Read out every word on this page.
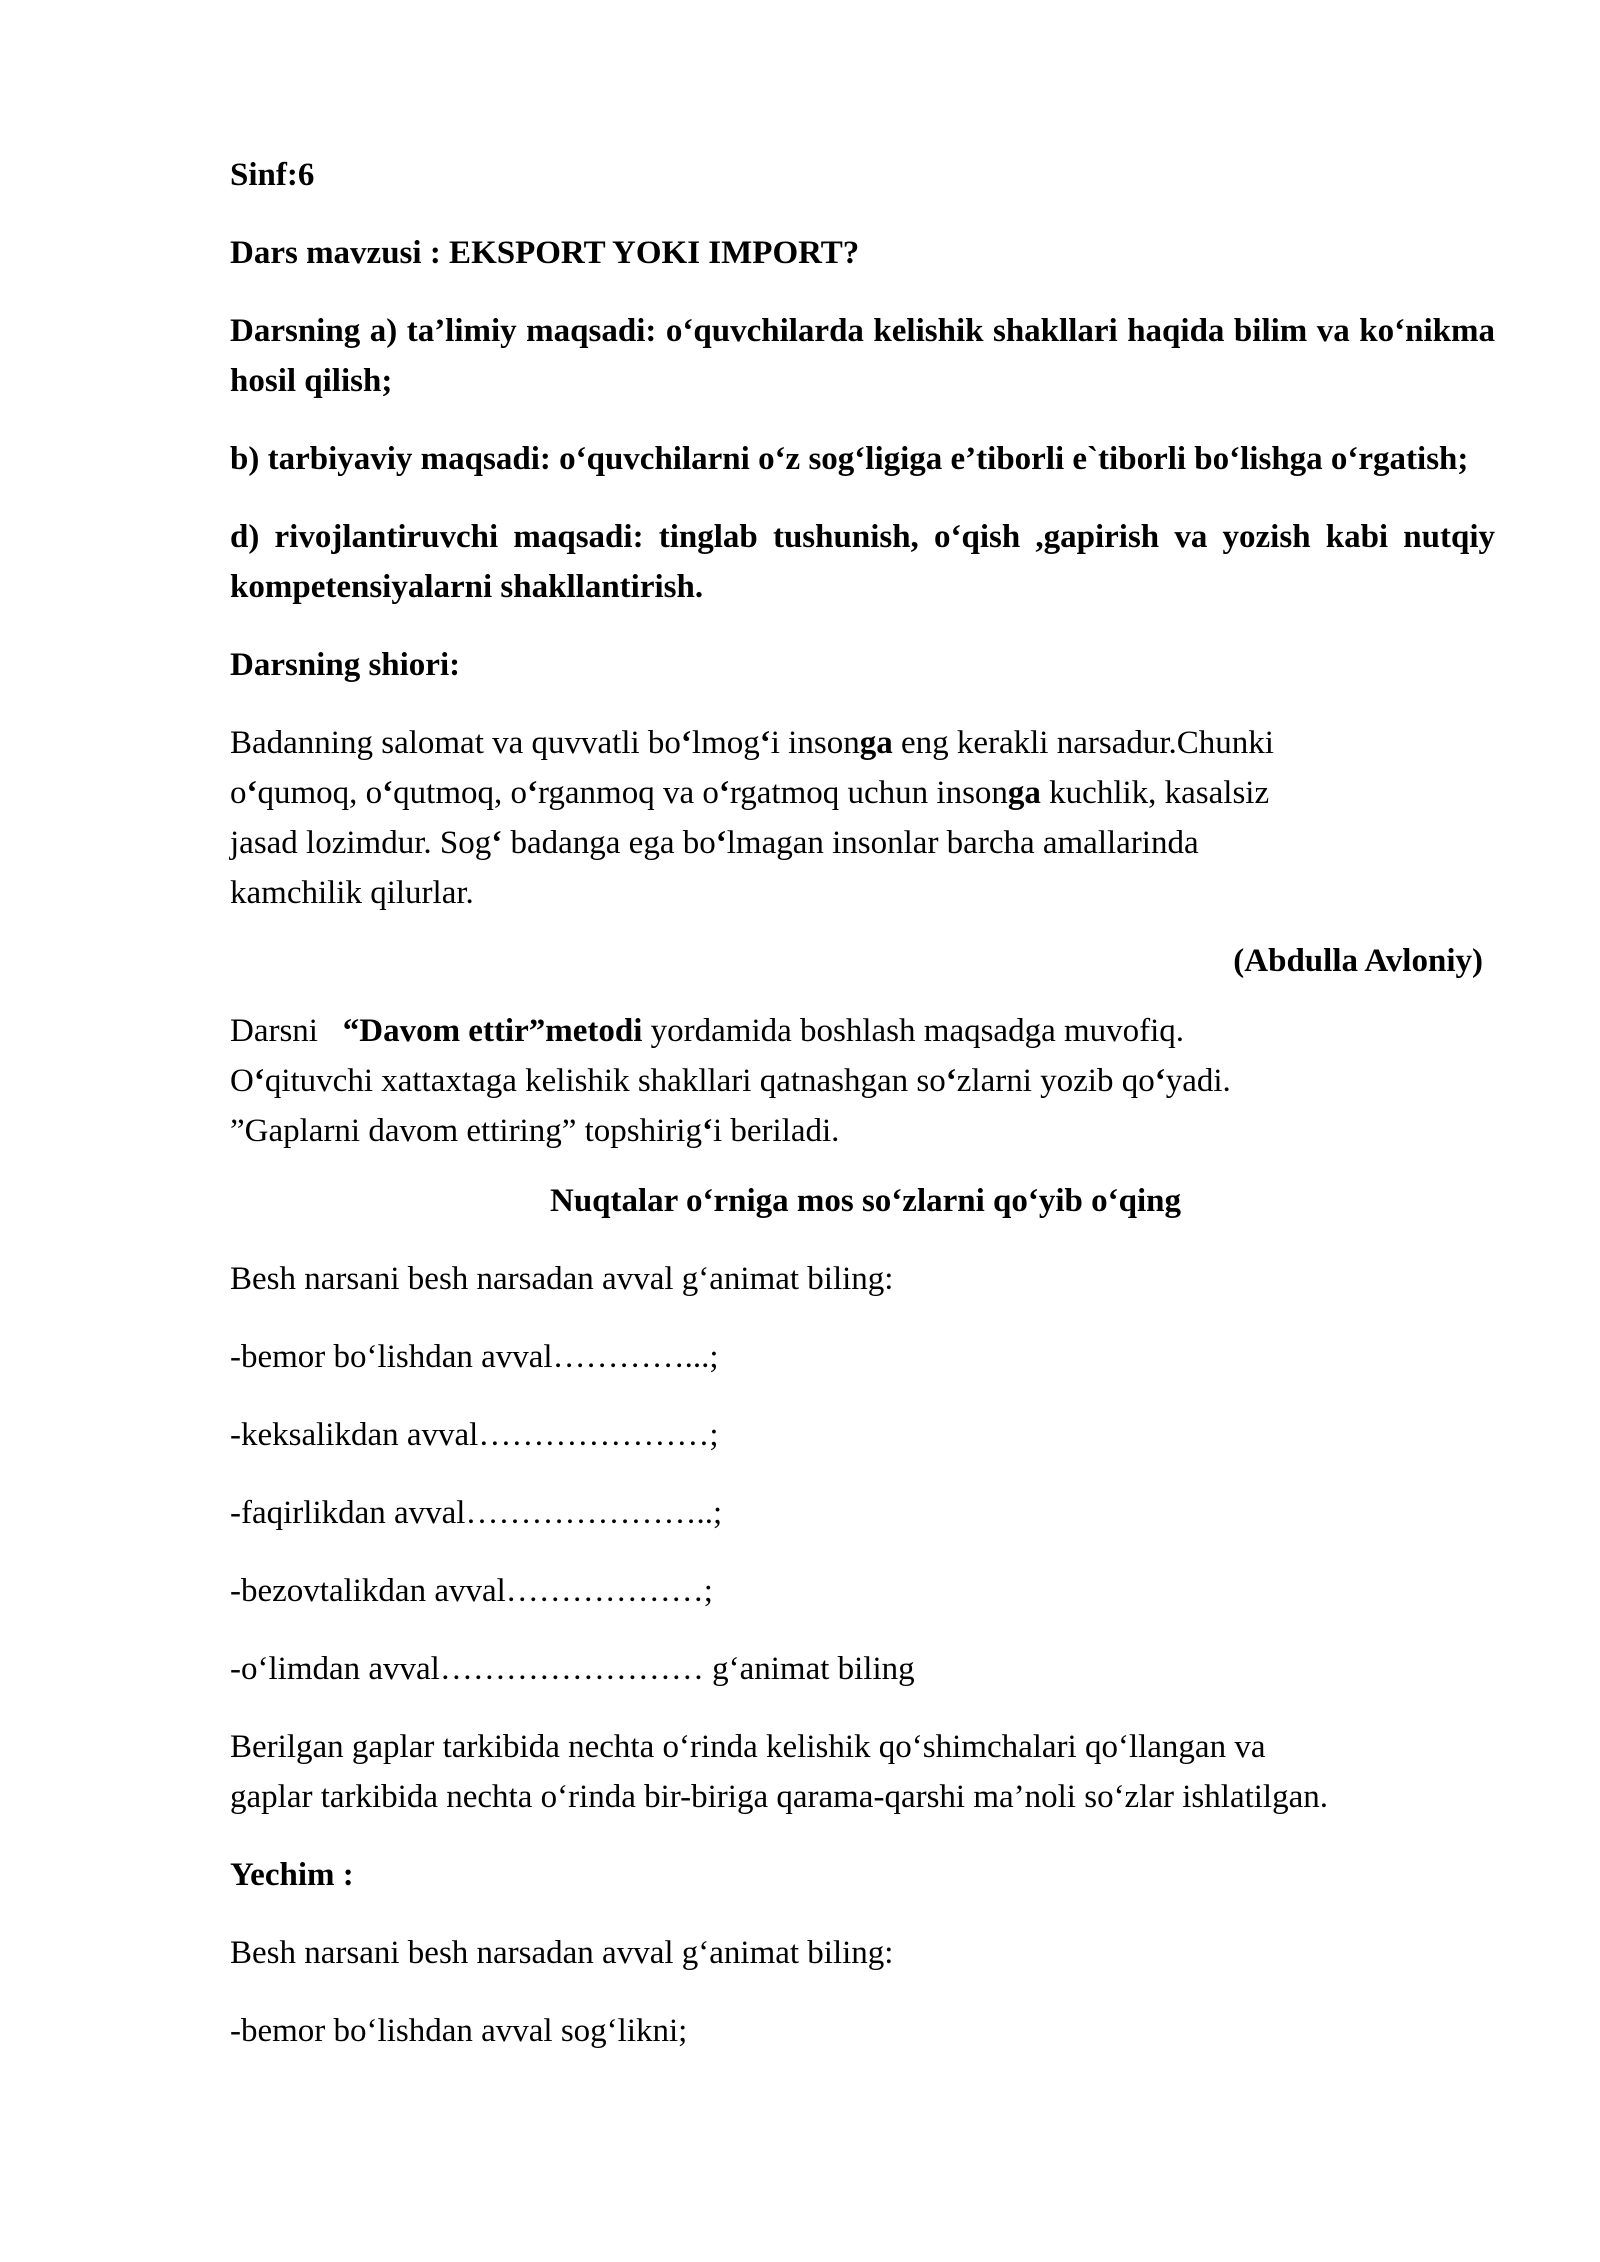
Sinf:6
Dars mavzusi : EKSPORT YOKI IMPORT?
Darsning a) ta’limiy maqsadi: o‘quvchilarda kelishik shakllari haqida bilim va ko‘nikma hosil qilish;
b) tarbiyaviy maqsadi: o‘quvchilarni o‘z sog‘ligiga e’tiborli e`tiborli bo‘lishga o‘rgatish;
d) rivojlantiruvchi maqsadi: tinglab tushunish, o‘qish ,gapirish va yozish kabi nutqiy kompetensiyalarni shakllantirish.
Darsning shiori:
Badanning salomat va quvvatli bo‘lmog‘i insonga eng kerakli narsadur.Chunki
o‘qumoq, o‘qutmoq, o‘rganmoq va o‘rgatmoq uchun insonga kuchlik, kasalsiz
jasad lozimdur. Sog‘ badanga ega bo‘lmagan insonlar barcha amallarinda
kamchilik qilurlar.
(Abdulla Avloniy)
Darsni   “Davom ettir”metodi yordamida boshlash maqsadga muvofiq.
O‘qituvchi xattaxtaga kelishik shakllari qatnashgan so‘zlarni yozib qo‘yadi.
”Gaplarni davom ettiring” topshirig‘i beriladi.
Nuqtalar o‘rniga mos so‘zlarni qo‘yib o‘qing
Besh narsani besh narsadan avval g‘animat biling:
-bemor bo‘lishdan avval…………...;
-keksalikdan avval…………………;
-faqirlikdan avval…………………..;
-bezovtalikdan avval………………;
-o‘limdan avval…………………… g‘animat biling
Berilgan gaplar tarkibida nechta o‘rinda kelishik qo‘shimchalari qo‘llangan va
gaplar tarkibida nechta o‘rinda bir-biriga qarama-qarshi ma’noli so‘zlar ishlatilgan.
Yechim :
Besh narsani besh narsadan avval g‘animat biling:
-bemor bo‘lishdan avval sog‘likni;
